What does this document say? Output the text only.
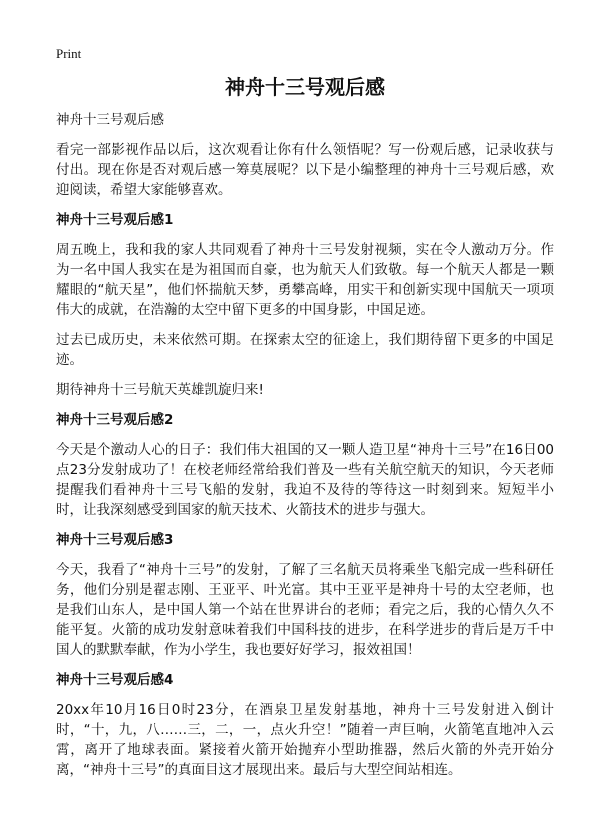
Print
神舟十三号观后感
神舟十三号观后感
看完一部影视作品以后，这次观看让你有什么领悟呢？写一份观后感，记录收获与付出。现在你是否对观后感一筹莫展呢？以下是小编整理的神舟十三号观后感，欢迎阅读，希望大家能够喜欢。
神舟十三号观后感1
周五晚上，我和我的家人共同观看了神舟十三号发射视频，实在令人激动万分。作为一名中国人我实在是为祖国而自豪，也为航天人们致敬。每一个航天人都是一颗耀眼的“航天星”，他们怀揣航天梦，勇攀高峰，用实干和创新实现中国航天一项项伟大的成就，在浩瀚的太空中留下更多的中国身影，中国足迹。
过去已成历史，未来依然可期。在探索太空的征途上，我们期待留下更多的中国足迹。
期待神舟十三号航天英雄凯旋归来!
神舟十三号观后感2
今天是个激动人心的日子：我们伟大祖国的又一颗人造卫星“神舟十三号”在16日00点23分发射成功了！在校老师经常给我们普及一些有关航空航天的知识，今天老师提醒我们看神舟十三号飞船的发射，我迫不及待的等待这一时刻到来。短短半小时，让我深刻感受到国家的航天技术、火箭技术的进步与强大。
神舟十三号观后感3
今天，我看了“神舟十三号”的发射，了解了三名航天员将乘坐飞船完成一些科研任务，他们分别是翟志刚、王亚平、叶光富。其中王亚平是神舟十号的太空老师，也是我们山东人，是中国人第一个站在世界讲台的老师；看完之后，我的心情久久不能平复。火箭的成功发射意味着我们中国科技的进步，在科学进步的背后是万千中国人的默默奉献，作为小学生，我也要好好学习，报效祖国！
神舟十三号观后感4
20xx年10月16日0时23分，在酒泉卫星发射基地，神舟十三号发射进入倒计时，“十，九，八……三，二，一，点火升空！”随着一声巨响，火箭笔直地冲入云霄，离开了地球表面。紧接着火箭开始抛弃小型助推器，然后火箭的外壳开始分离，“神舟十三号”的真面目这才展现出来。最后与大型空间站相连。
